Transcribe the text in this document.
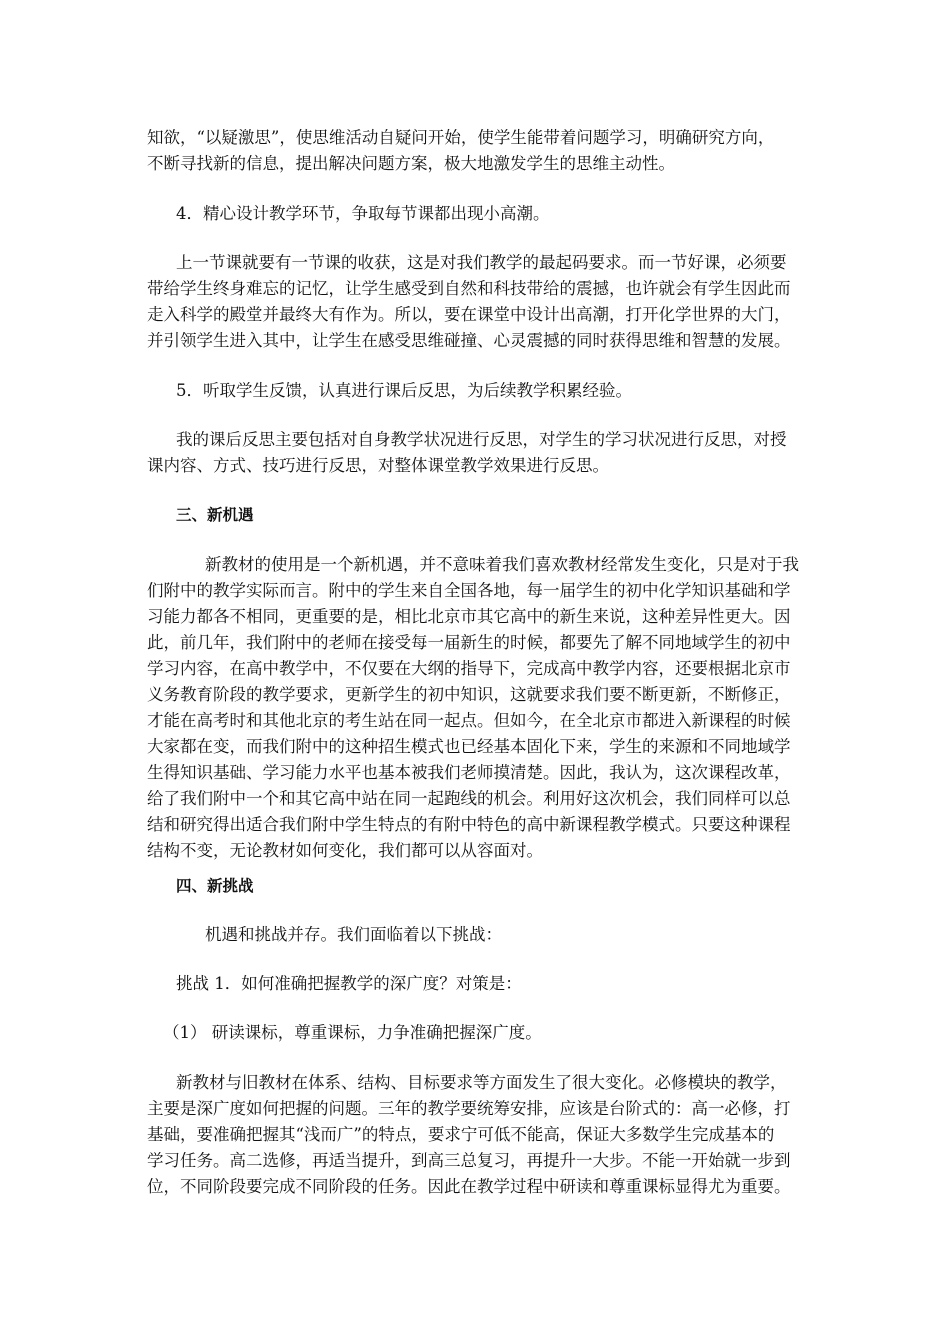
知欲，“以疑激思”，使思维活动自疑问开始，使学生能带着问题学习，明确研究方向，
不断寻找新的信息，提出解决问题方案，极大地激发学生的思维主动性。
4．精心设计教学环节，争取每节课都出现小高潮。
上一节课就要有一节课的收获，这是对我们教学的最起码要求。而一节好课，必须要
带给学生终身难忘的记忆，让学生感受到自然和科技带给的震撼，也许就会有学生因此而
走入科学的殿堂并最终大有作为。所以，要在课堂中设计出高潮，打开化学世界的大门，
并引领学生进入其中，让学生在感受思维碰撞、心灵震撼的同时获得思维和智慧的发展。
5．听取学生反馈，认真进行课后反思，为后续教学积累经验。
我的课后反思主要包括对自身教学状况进行反思，对学生的学习状况进行反思，对授
课内容、方式、技巧进行反思，对整体课堂教学效果进行反思。
三、新机遇
新教材的使用是一个新机遇，并不意味着我们喜欢教材经常发生变化，只是对于我
们附中的教学实际而言。附中的学生来自全国各地，每一届学生的初中化学知识基础和学
习能力都各不相同，更重要的是，相比北京市其它高中的新生来说，这种差异性更大。因
此，前几年，我们附中的老师在接受每一届新生的时候，都要先了解不同地域学生的初中
学习内容，在高中教学中，不仅要在大纲的指导下，完成高中教学内容，还要根据北京市
义务教育阶段的教学要求，更新学生的初中知识，这就要求我们要不断更新，不断修正，
才能在高考时和其他北京的考生站在同一起点。但如今，在全北京市都进入新课程的时候
大家都在变，而我们附中的这种招生模式也已经基本固化下来，学生的来源和不同地域学
生得知识基础、学习能力水平也基本被我们老师摸清楚。因此，我认为，这次课程改革，
给了我们附中一个和其它高中站在同一起跑线的机会。利用好这次机会，我们同样可以总
结和研究得出适合我们附中学生特点的有附中特色的高中新课程教学模式。只要这种课程
结构不变，无论教材如何变化，我们都可以从容面对。
四、新挑战
机遇和挑战并存。我们面临着以下挑战：
挑战 1．如何准确把握教学的深广度？对策是：
（1） 研读课标，尊重课标，力争准确把握深广度。
新教材与旧教材在体系、结构、目标要求等方面发生了很大变化。必修模块的教学，
主要是深广度如何把握的问题。三年的教学要统筹安排，应该是台阶式的：高一必修，打
基础，要准确把握其“浅而广”的特点，要求宁可低不能高，保证大多数学生完成基本的
学习任务。高二选修，再适当提升，到高三总复习，再提升一大步。不能一开始就一步到
位，不同阶段要完成不同阶段的任务。因此在教学过程中研读和尊重课标显得尤为重要。
